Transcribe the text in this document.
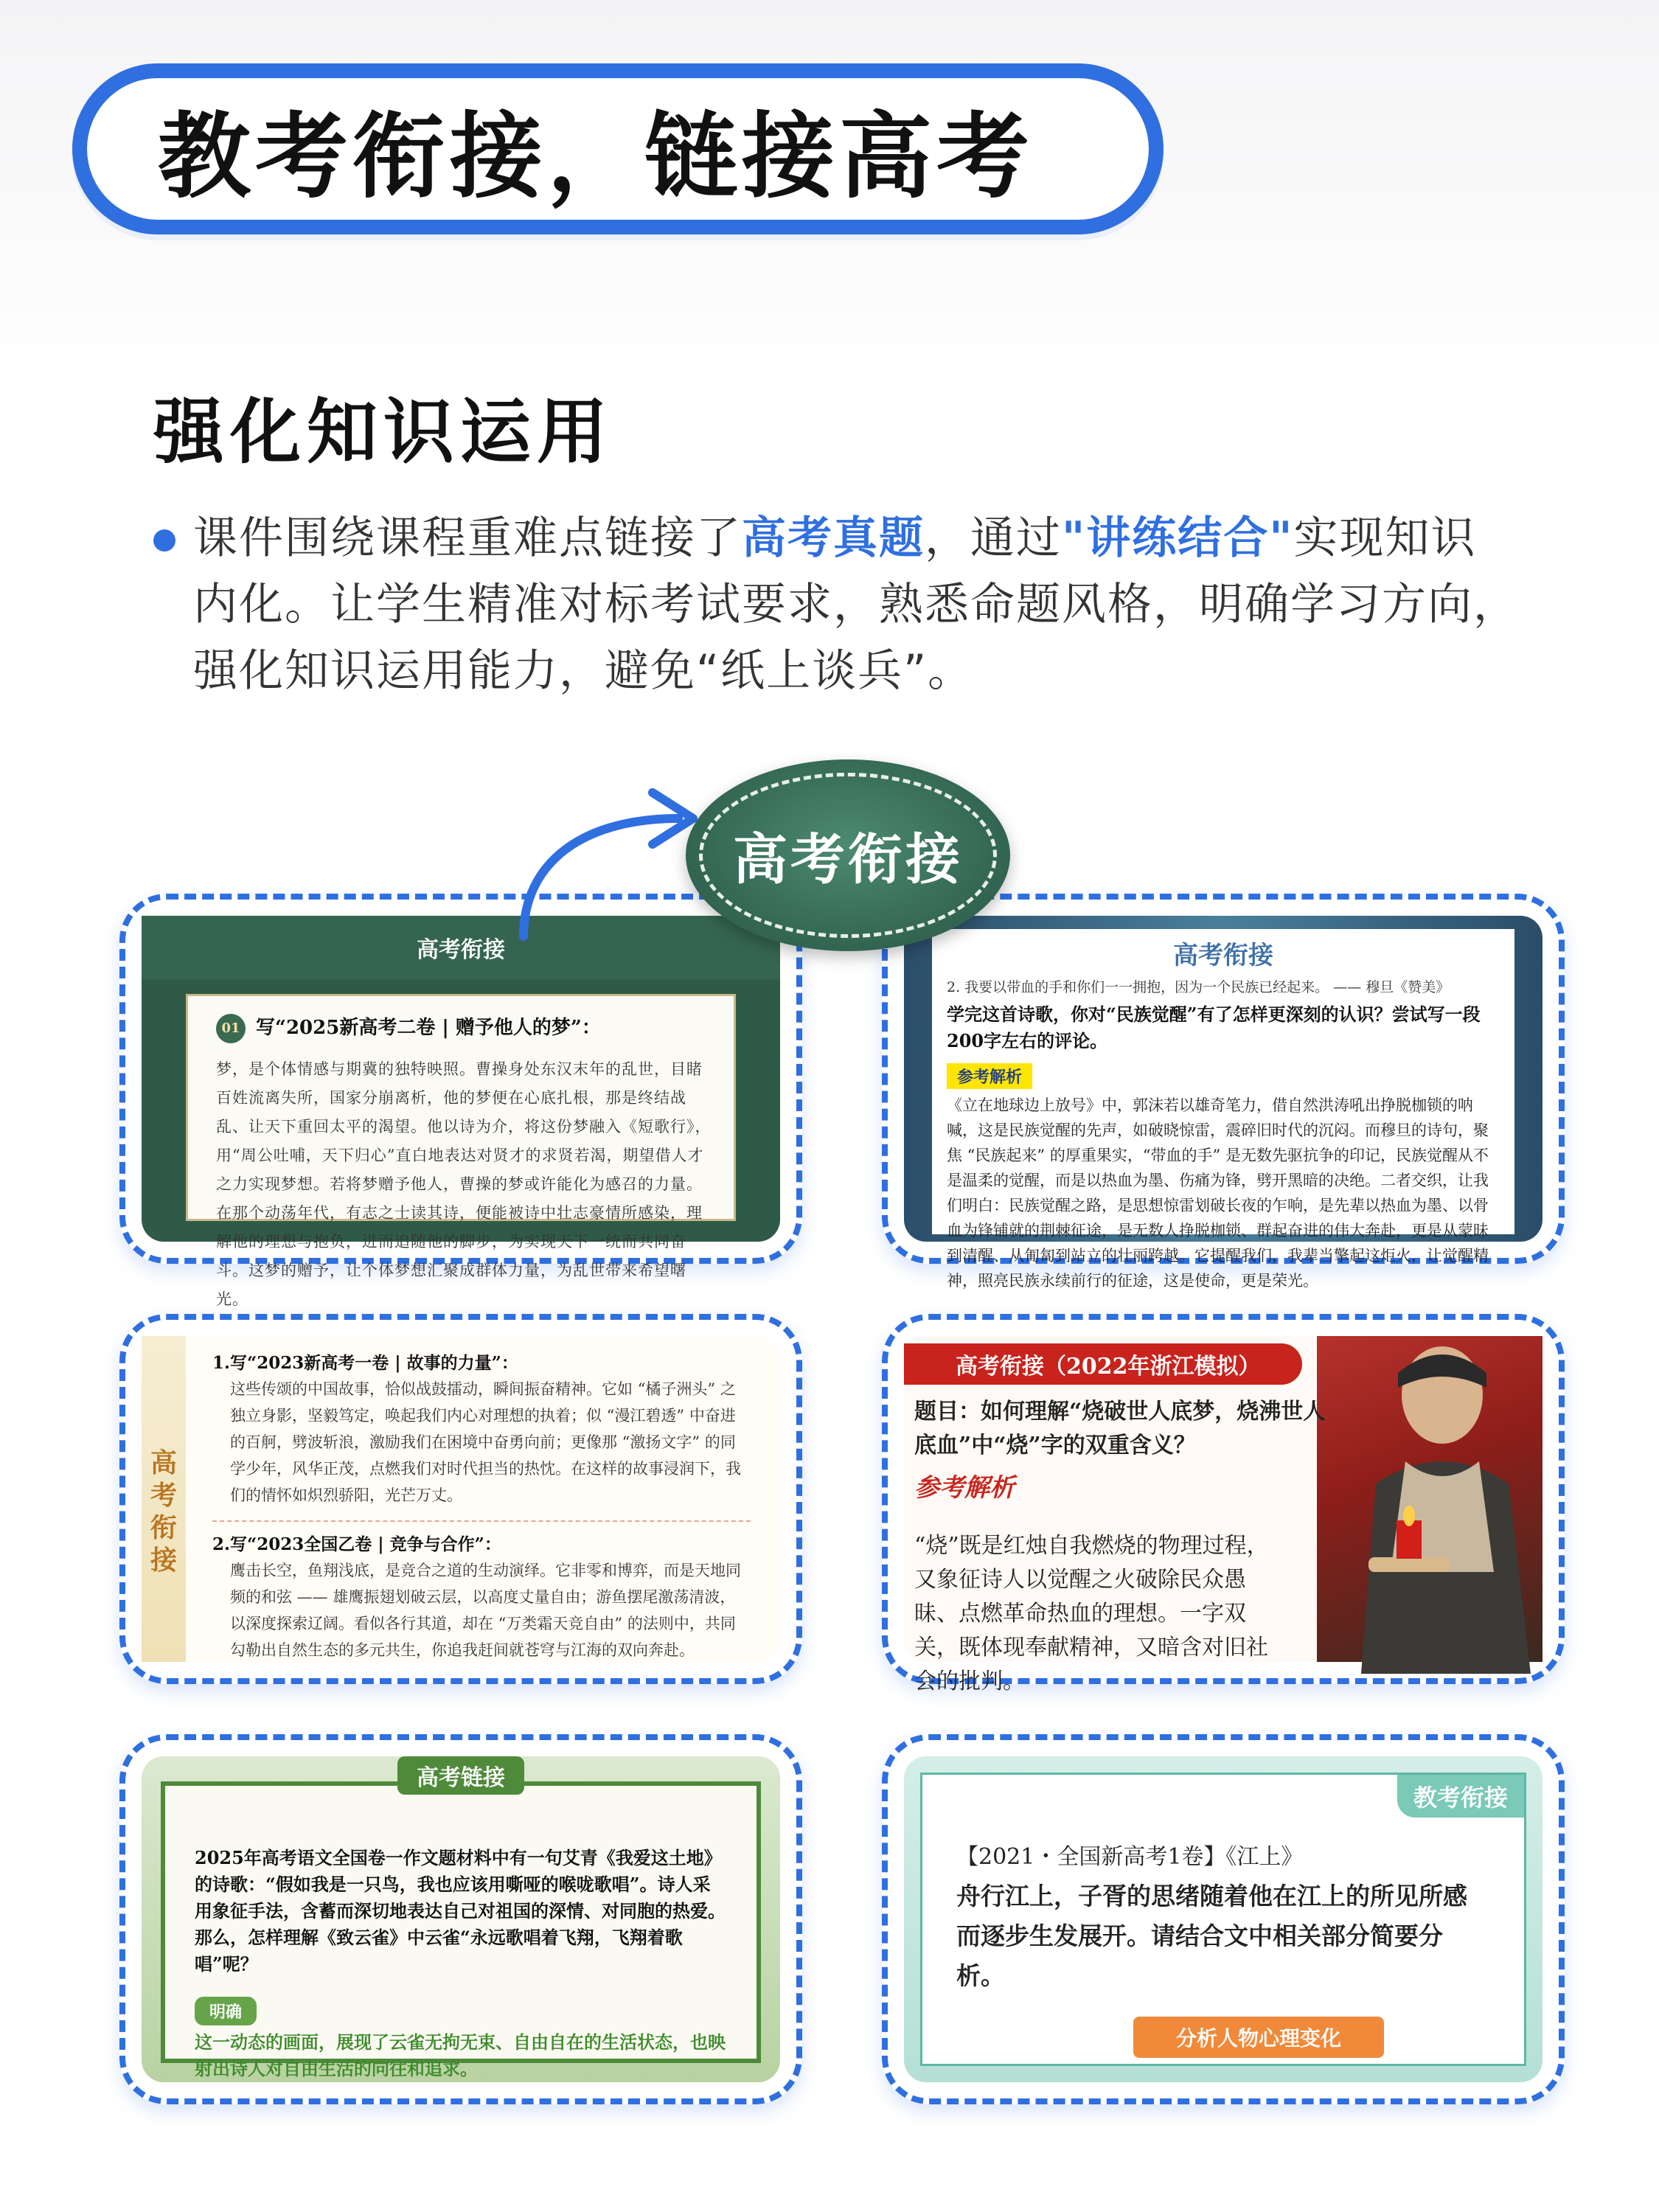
教考衔接，链接高考
强化知识运用
课件围绕课程重难点链接了高考真题，通过"讲练结合"实现知识内化。让学生精准对标考试要求，熟悉命题风格，明确学习方向，强化知识运用能力，避免“纸上谈兵”。
高考衔接
01 写“2025新高考二卷 | 赠予他人的梦”：
梦，是个体情感与期冀的独特映照。曹操身处东汉末年的乱世，目睹百姓流离失所，国家分崩离析，他的梦便在心底扎根，那是终结战乱、让天下重回太平的渴望。他以诗为介，将这份梦融入《短歌行》，用“周公吐哺，天下归心”直白地表达对贤才的求贤若渴，期望借人才之力实现梦想。若将梦赠予他人，曹操的梦或许能化为感召的力量。在那个动荡年代，有志之士读其诗，便能被诗中壮志豪情所感染，理解他的理想与抱负，进而追随他的脚步，为实现天下一统而共同奋斗。这梦的赠予，让个体梦想汇聚成群体力量，为乱世带来希望曙光。
高考衔接
2. 我要以带血的手和你们一一拥抱，因为一个民族已经起来。 —— 穆旦《赞美》
学完这首诗歌，你对“民族觉醒”有了怎样更深刻的认识？尝试写一段200字左右的评论。
参考解析
《立在地球边上放号》中，郭沫若以雄奇笔力，借自然洪涛吼出挣脱枷锁的呐喊，这是民族觉醒的先声，如破晓惊雷，震碎旧时代的沉闷。而穆旦的诗句，聚焦 “民族起来” 的厚重果实，“带血的手” 是无数先驱抗争的印记，民族觉醒从不是温柔的觉醒，而是以热血为墨、伤痛为锋，劈开黑暗的决绝。二者交织，让我们明白：民族觉醒之路，是思想惊雷划破长夜的乍响，是先辈以热血为墨、以骨血为锋铺就的荆棘征途，是无数人挣脱枷锁、群起奋进的伟大奔赴，更是从蒙昧到清醒、从匍匐到站立的壮丽跨越。它提醒我们，我辈当擎起这炬火，让觉醒精神，照亮民族永续前行的征途，这是使命，更是荣光。
高考衔接
高考衔接
1.写“2023新高考一卷 | 故事的力量”：
这些传颂的中国故事，恰似战鼓擂动，瞬间振奋精神。它如 “橘子洲头” 之独立身影，坚毅笃定，唤起我们内心对理想的执着；似 “漫江碧透” 中奋进的百舸，劈波斩浪，激励我们在困境中奋勇向前；更像那 “激扬文字” 的同学少年，风华正茂，点燃我们对时代担当的热忱。在这样的故事浸润下，我们的情怀如炽烈骄阳，光芒万丈。
2.写“2023全国乙卷 | 竞争与合作”：
鹰击长空，鱼翔浅底，是竞合之道的生动演绎。它非零和博弈，而是天地同频的和弦 —— 雄鹰振翅划破云层，以高度丈量自由；游鱼摆尾激荡清波，以深度探索辽阔。看似各行其道，却在 “万类霜天竞自由” 的法则中，共同勾勒出自然生态的多元共生，你追我赶间就苍穹与江海的双向奔赴。
高考衔接（2022年浙江模拟）
题目：如何理解“烧破世人底梦，烧沸世人底血”中“烧”字的双重含义？
参考解析
“烧”既是红烛自我燃烧的物理过程，又象征诗人以觉醒之火破除民众愚昧、点燃革命热血的理想。一字双关，既体现奉献精神，又暗含对旧社会的批判。
2025年高考语文全国卷一作文题材料中有一句艾青《我爱这土地》的诗歌：“假如我是一只鸟，我也应该用嘶哑的喉咙歌唱”。诗人采用象征手法，含蓄而深切地表达自己对祖国的深情、对同胞的热爱。那么，怎样理解《致云雀》中云雀“永远歌唱着飞翔，飞翔着歌唱”呢？
明确
这一动态的画面，展现了云雀无拘无束、自由自在的生活状态，也映射出诗人对自由生活的向往和追求。
高考链接
教考衔接
【2021・全国新高考1卷】《江上》
舟行江上，子胥的思绪随着他在江上的所见所感而逐步生发展开。请结合文中相关部分简要分析。
分析人物心理变化
